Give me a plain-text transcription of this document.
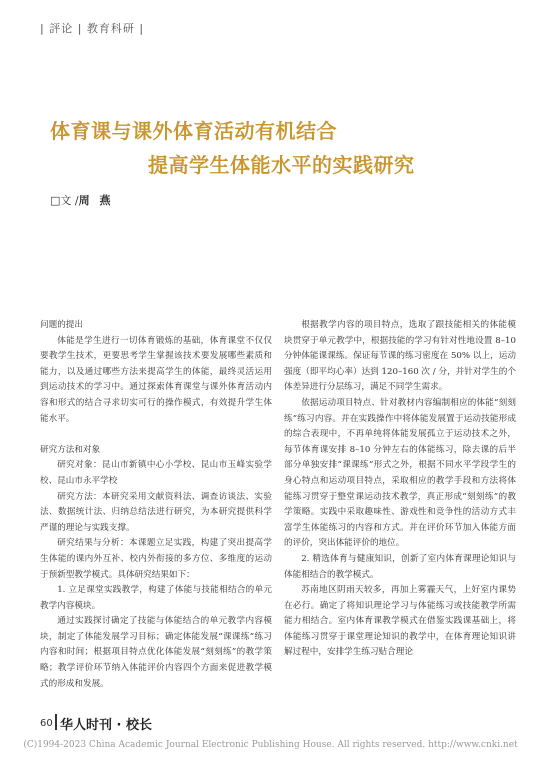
| 評论 | 教育科研 |
体育课与课外体育活动有机结合
提高学生体能水平的实践研究
□文 /周 燕

问题的提出

体能是学生进行一切体育锻炼的基础，体育课堂不仅仅要教学生技术，更要思考学生掌握该技术要发展哪些素质和能力，以及通过哪些方法来提高学生的体能，最终灵活运用到运动技术的学习中。通过探索体育课堂与课外体育活动内容和形式的结合寻求切实可行的操作模式，有效提升学生体能水平。

研究方法和对象

研究对象：昆山市新镇中心小学校、昆山市玉峰实验学校、昆山市永平学校

研究方法：本研究采用文献资料法、调查访谈法、实验法、数据统计法、归纳总结法进行研究，为本研究提供科学严谨的理论与实践支撑。

研究结果与分析：本课题立足实践，构建了突出提高学生体能的课内外互补、校内外衔接的多方位、多维度的运动于预新型教学模式。具体研究结果如下：

1. 立足课堂实践教学，构建了体能与技能相结合的单元教学内容模块。

通过实践探讨确定了技能与体能结合的单元教学内容模块，制定了体能发展学习目标；确定体能发展“课课练”练习内容和时间；根据项目特点优化体能发展“刻刻练”的教学策略；教学评价环节纳入体能评价内容四个方面来促进教学模式的形成和发展。

根据教学内容的项目特点，选取了跟技能相关的体能模块贯穿于单元教学中，根据技能的学习有针对性地设置 8–10 分钟体能课课练。保证每节课的练习密度在 50% 以上，运动强度（即平均心率）达到 120–160 次 / 分，并针对学生的个体差异进行分层练习，满足不同学生需求。

依据运动项目特点、针对教材内容编制相应的体能“刻刻练”练习内容。并在实践操作中将体能发展置于运动技能形成的综合表现中，不再单纯将体能发展孤立于运动技术之外，每节体育课安排 8–10 分钟左右的体能练习，除去课的后半部分单独安排“课课练”形式之外，根据不同水平学段学生的身心特点和运动项目特点，采取相应的教学手段和方法将体能练习贯穿于整堂课运动技术教学，真正形成“刻刻练”的教学策略。实践中采取趣味性、游戏性和竞争性的活动方式丰富学生体能练习的内容和方式。并在评价环节加入体能方面的评价，突出体能评价的地位。

2. 精选体育与健康知识，创新了室内体育课理论知识与体能相结合的教学模式。

苏南地区阴雨天较多，再加上雾霾天气，上好室内课势在必行。确定了将知识理论学习与体能练习或技能教学所需能力相结合。室内体育课教学模式在借鉴实践课基础上，将体能练习贯穿于课堂理论知识的教学中，在体育理论知识讲解过程中，安排学生练习贴合理论

60 华人时刊 · 校长
(C)1994-2023 China Academic Journal Electronic Publishing House. All rights reserved. http://www.cnki.net
